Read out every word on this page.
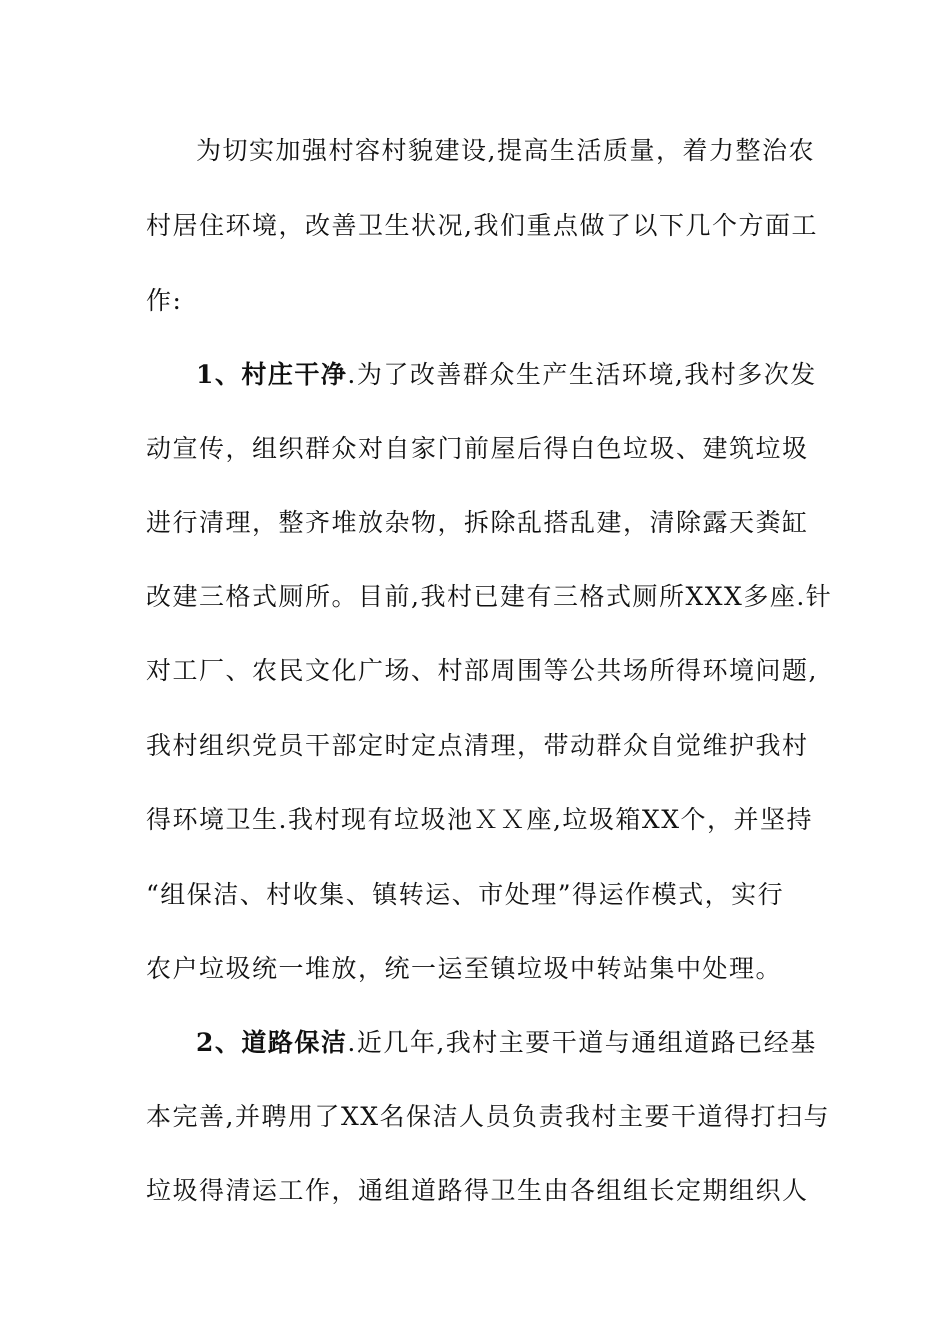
为切实加强村容村貌建设,提高生活质量，着力整治农
村居住环境，改善卫生状况,我们重点做了以下几个方面工
作:
1、村庄干净.为了改善群众生产生活环境,我村多次发
动宣传，组织群众对自家门前屋后得白色垃圾、建筑垃圾
进行清理，整齐堆放杂物，拆除乱搭乱建，清除露天粪缸
改建三格式厕所。目前,我村已建有三格式厕所XXX多座.针
对工厂、农民文化广场、村部周围等公共场所得环境问题,
我村组织党员干部定时定点清理，带动群众自觉维护我村
得环境卫生.我村现有垃圾池ＸＸ座,垃圾箱XX个，并坚持
“组保洁、村收集、镇转运、市处理”得运作模式，实行
农户垃圾统一堆放，统一运至镇垃圾中转站集中处理。
2、道路保洁.近几年,我村主要干道与通组道路已经基
本完善,并聘用了XX名保洁人员负责我村主要干道得打扫与
垃圾得清运工作，通组道路得卫生由各组组长定期组织人
